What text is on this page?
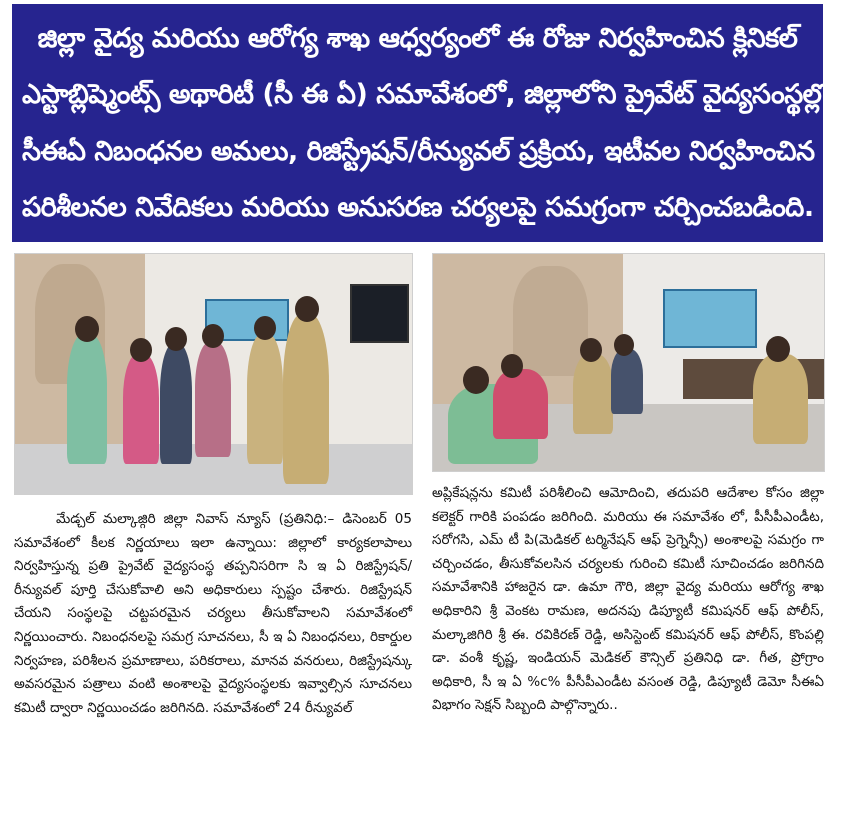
జిల్లా వైద్య మరియు ఆరోగ్య శాఖ ఆధ్వర్యంలో ఈ రోజు నిర్వహించిన క్లినికల్
ఎస్టాబ్లిష్మెంట్స్ అథారిటీ (సీ ఈ ఏ) సమావేశంలో, జిల్లాలోని ప్రైవేట్ వైద్యసంస్థల్లో
సీఈఏ నిబంధనల అమలు, రిజిస్ట్రేషన్/రీన్యువల్ ప్రక్రియ, ఇటీవల నిర్వహించిన
పరిశీలనల నివేదికలు మరియు అనుసరణ చర్యలపై సమగ్రంగా చర్చించబడింది.

మేడ్చల్ మల్కాజ్గిరి జిల్లా నివాస్ న్యూస్ (ప్రతినిధి:– డిసెంబర్ 05 సమావేశంలో కీలక నిర్ణయాలు ఇలా ఉన్నాయి: జిల్లాలో కార్యకలాపాలు నిర్వహిస్తున్న ప్రతి ప్రైవేట్ వైద్యసంస్థ తప్పనిసరిగా సి ఇ ఏ రిజిస్ట్రేషన్/రీన్యువల్ పూర్తి చేసుకోవాలి అని అధికారులు స్పష్టం చేశారు. రిజిస్ట్రేషన్ చేయని సంస్థలపై చట్టపరమైన చర్యలు తీసుకోవాలని సమావేశంలో నిర్ణయించారు. నిబంధనలపై సమగ్ర సూచనలు, సీ ఇ ఏ నిబంధనలు, రికార్డుల నిర్వహణ, పరిశీలన ప్రమాణాలు, పరికరాలు, మానవ వనరులు, రిజిస్ట్రేషన్కు అవసరమైన పత్రాలు వంటి అంశాలపై వైద్యసంస్థలకు ఇవ్వాల్సిన సూచనలు కమిటీ ద్వారా నిర్ణయించడం జరిగినది. సమావేశంలో 24 రీన్యువల్

అప్లికేషన్లను కమిటీ పరిశీలించి ఆమోదించి, తదుపరి ఆదేశాల కోసం జిల్లా కలెక్టర్ గారికి పంపడం జరిగింది. మరియు ఈ సమావేశం లో, పీసీపీఎండీట, సరోగసి, ఎమ్ టీ పి(మెడికల్ టర్మినేషన్ ఆఫ్ ప్రెగ్నెన్సీ) అంశాలపై సమగ్రం గా చర్చించడం, తీసుకోవలసిన చర్యలకు గురించి కమిటీ సూచించడం జరిగినది సమావేశానికి హాజరైన డా. ఉమా గౌరి, జిల్లా వైద్య మరియు ఆరోగ్య శాఖ అధికారిని శ్రీ వెంకట రామణ, అదనపు డిప్యూటీ కమిషనర్ ఆఫ్ పోలీస్, మల్కాజిగిరి శ్రీ ఈ. రవికిరణ్ రెడ్డి, అసిస్టెంట్ కమిషనర్ ఆఫ్ పోలీస్, కొంపల్లి డా. వంశీ కృష్ణ, ఇండియన్ మెడికల్ కౌన్సిల్ ప్రతినిధి డా. గీత, ప్రోగ్రాం అధికారి, సీ ఇ ఏ %c% పీసీపీఎండీట వసంత రెడ్డి, డిప్యూటీ డెమో సీఈఏ విభాగం సెక్షన్ సిబ్బంది పాల్గొన్నారు..
